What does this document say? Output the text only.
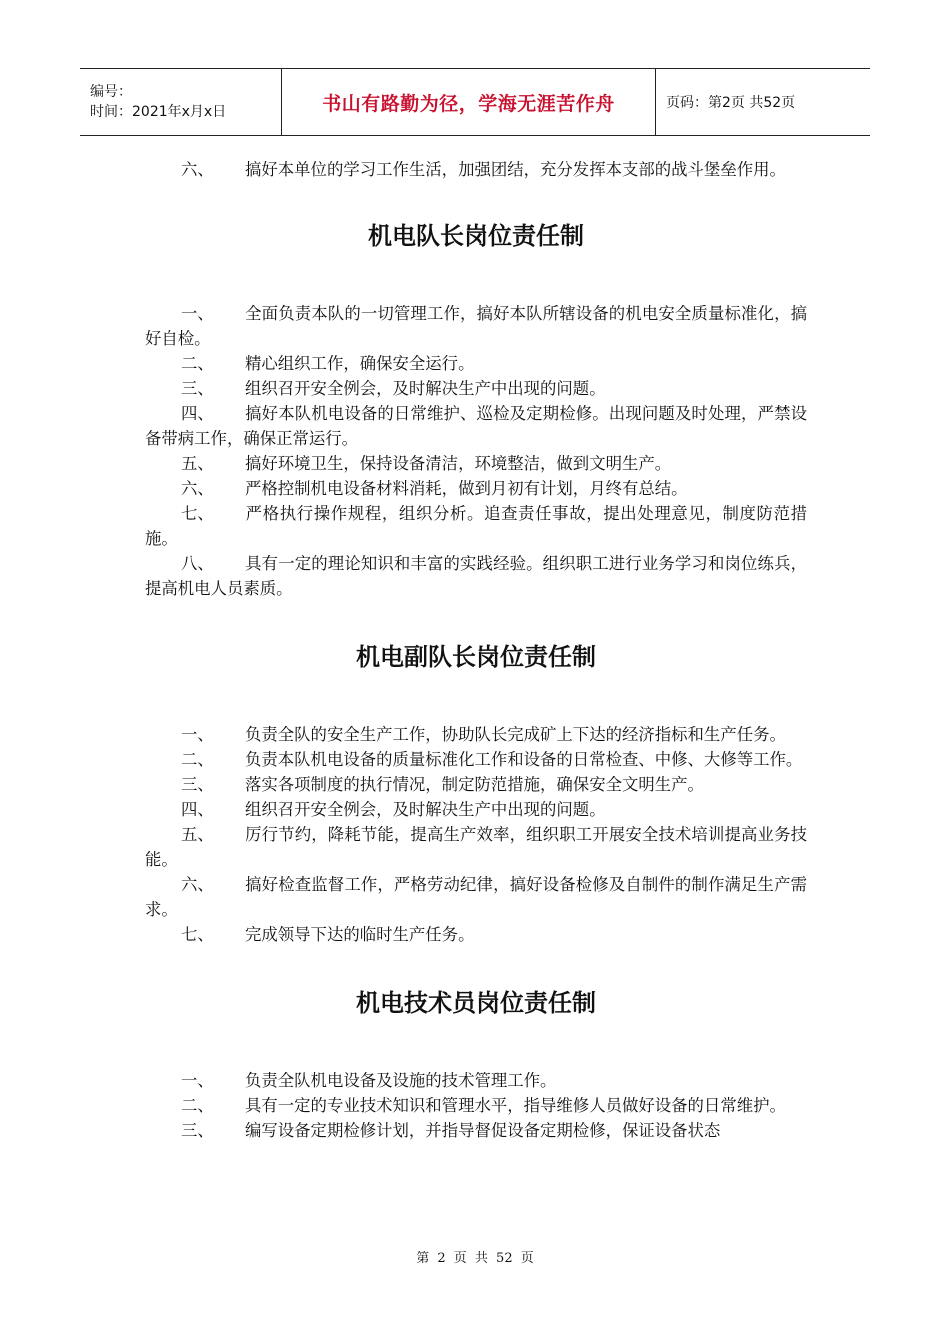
编号：
时间：2021年x月x日	书山有路勤为径，学海无涯苦作舟	页码：第2页 共52页

六、 搞好本单位的学习工作生活，加强团结，充分发挥本支部的战斗堡垒作用。

机电队长岗位责任制

一、 全面负责本队的一切管理工作，搞好本队所辖设备的机电安全质量标准化，搞好自检。

二、 精心组织工作，确保安全运行。

三、 组织召开安全例会，及时解决生产中出现的问题。

四、 搞好本队机电设备的日常维护、巡检及定期检修。出现问题及时处理，严禁设备带病工作，确保正常运行。

五、 搞好环境卫生，保持设备清洁，环境整洁，做到文明生产。

六、 严格控制机电设备材料消耗，做到月初有计划，月终有总结。

七、 严格执行操作规程，组织分析。追查责任事故，提出处理意见，制度防范措施。

八、 具有一定的理论知识和丰富的实践经验。组织职工进行业务学习和岗位练兵，提高机电人员素质。

机电副队长岗位责任制

一、 负责全队的安全生产工作，协助队长完成矿上下达的经济指标和生产任务。

二、 负责本队机电设备的质量标准化工作和设备的日常检查、中修、大修等工作。

三、 落实各项制度的执行情况，制定防范措施，确保安全文明生产。

四、 组织召开安全例会，及时解决生产中出现的问题。

五、 厉行节约，降耗节能，提高生产效率，组织职工开展安全技术培训提高业务技能。

六、 搞好检查监督工作，严格劳动纪律，搞好设备检修及自制件的制作满足生产需求。

七、 完成领导下达的临时生产任务。

机电技术员岗位责任制

一、 负责全队机电设备及设施的技术管理工作。

二、 具有一定的专业技术知识和管理水平，指导维修人员做好设备的日常维护。

三、 编写设备定期检修计划，并指导督促设备定期检修，保证设备状态

第 2 页 共 52 页
